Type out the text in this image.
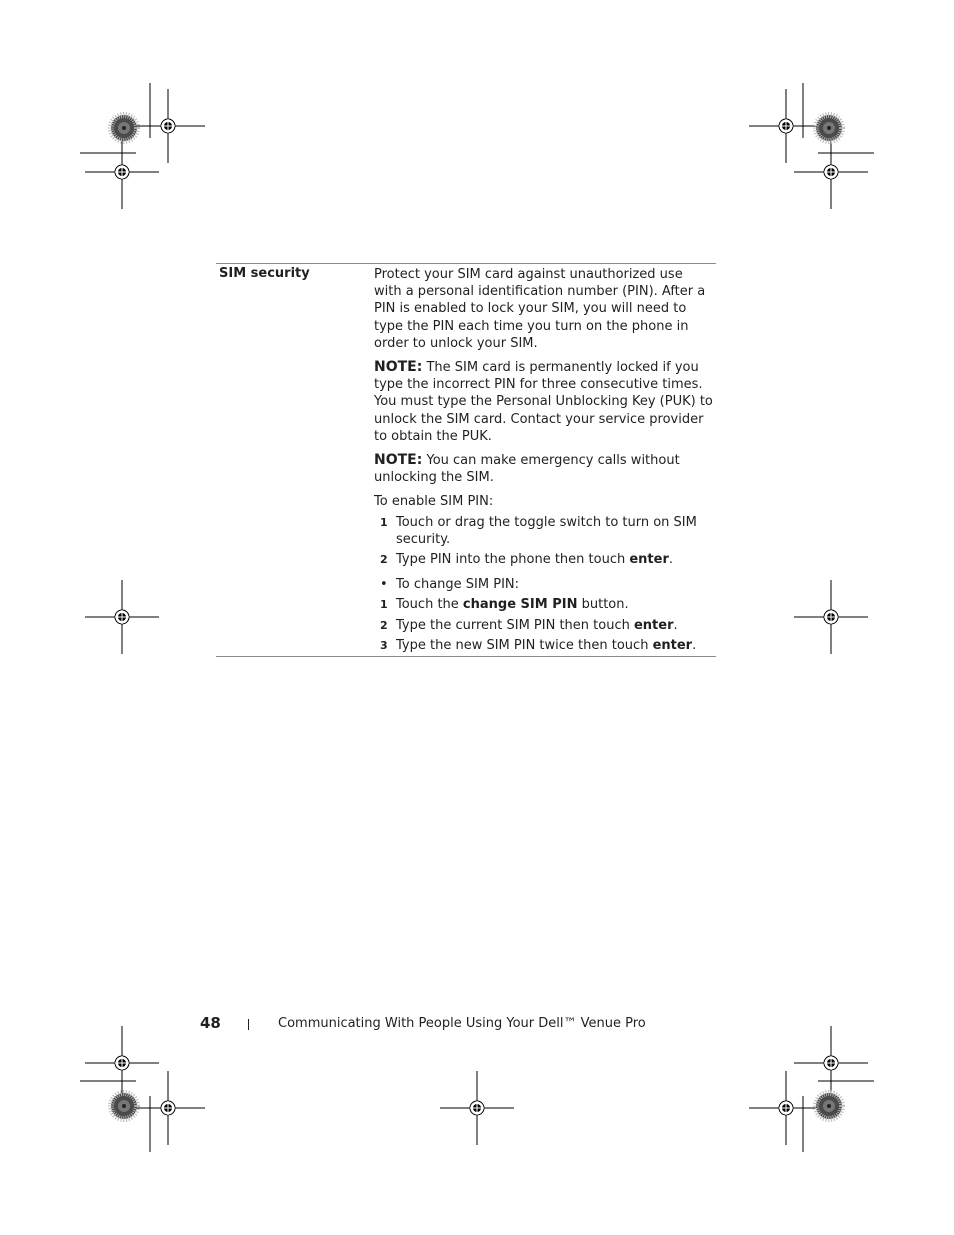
SIM security	Protect your SIM card against unauthorized use with a personal identification number (PIN). After a PIN is enabled to lock your SIM, you will need to type the PIN each time you turn on the phone in order to unlock your SIM.

NOTE: The SIM card is permanently locked if you type the incorrect PIN for three consecutive times. You must type the Personal Unblocking Key (PUK) to unlock the SIM card. Contact your service provider to obtain the PUK.

NOTE: You can make emergency calls without unlocking the SIM.

To enable SIM PIN:

1 Touch or drag the toggle switch to turn on SIM security.
2 Type PIN into the phone then touch enter.
• To change SIM PIN:
1 Touch the change SIM PIN button.
2 Type the current SIM PIN then touch enter.
3 Type the new SIM PIN twice then touch enter.
48	Communicating With People Using Your Dell™ Venue Pro
